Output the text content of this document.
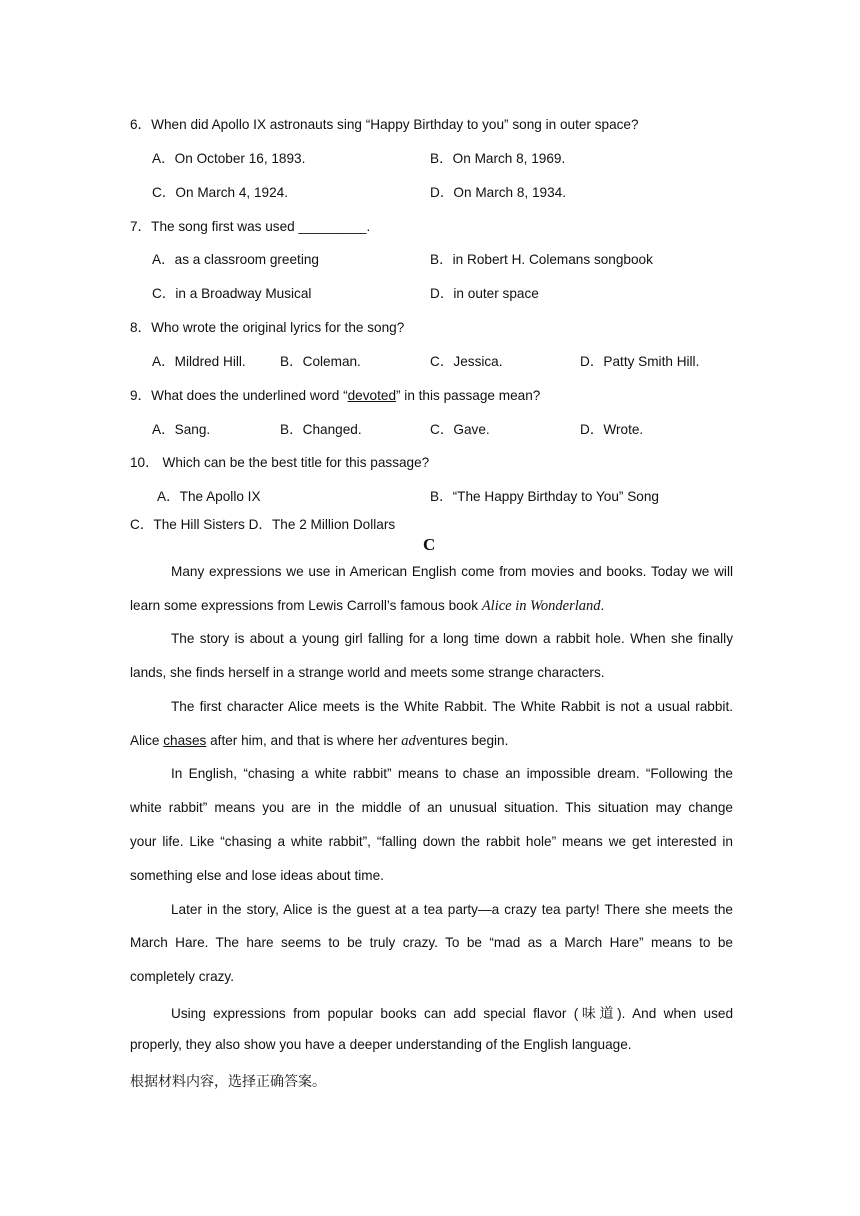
6．When did Apollo IX astronauts sing “Happy Birthday to you” song in outer space?
A．On October 16, 1893.	B．On March 8, 1969.
C．On March 4, 1924.	D．On March 8, 1934.
7．The song first was used _________.
A．as a classroom greeting	B．in Robert H. Colemans songbook
C．in a Broadway Musical	D．in outer space
8．Who wrote the original lyrics for the song?
A．Mildred Hill.	B．Coleman.	C．Jessica.	D．Patty Smith Hill.
9．What does the underlined word “devoted” in this passage mean?
A．Sang.	B．Changed.	C．Gave.	D．Wrote.
10． Which can be the best title for this passage?
A．The Apollo IX	B．“The Happy Birthday to You” Song
C．The Hill Sisters D．The 2 Million Dollars
C
Many expressions we use in American English come from movies and books. Today we will
learn some expressions from Lewis Carroll’s famous book Alice in Wonderland.
The story is about a young girl falling for a long time down a rabbit hole. When she finally
lands, she finds herself in a strange world and meets some strange characters.
The first character Alice meets is the White Rabbit. The White Rabbit is not a usual rabbit.
Alice chases after him, and that is where her adventures begin.
In English, “chasing a white rabbit” means to chase an impossible dream. “Following the
white rabbit” means you are in the middle of an unusual situation. This situation may change
your life. Like “chasing a white rabbit”, “falling down the rabbit hole” means we get interested in
something else and lose ideas about time.
Later in the story, Alice is the guest at a tea party—a crazy tea party! There she meets the
March Hare. The hare seems to be truly crazy. To be “mad as a March Hare” means to be
completely crazy.
Using expressions from popular books can add special flavor (味道). And when used
properly, they also show you have a deeper understanding of the English language.
根据材料内容，选择正确答案。
